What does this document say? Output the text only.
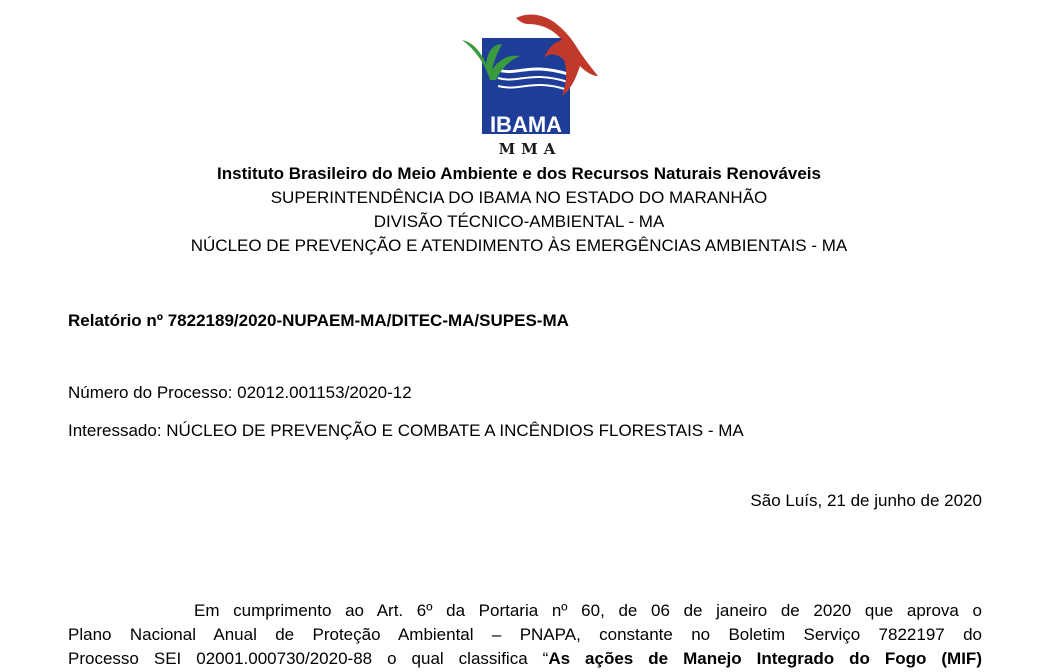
IBAMA
MMA
Instituto Brasileiro do Meio Ambiente e dos Recursos Naturais Renováveis
SUPERINTENDÊNCIA DO IBAMA NO ESTADO DO MARANHÃO
DIVISÃO TÉCNICO-AMBIENTAL - MA
NÚCLEO DE PREVENÇÃO E ATENDIMENTO ÀS EMERGÊNCIAS AMBIENTAIS - MA
Relatório nº 7822189/2020-NUPAEM-MA/DITEC-MA/SUPES-MA
Número do Processo: 02012.001153/2020-12
Interessado: NÚCLEO DE PREVENÇÃO E COMBATE A INCÊNDIOS FLORESTAIS - MA
São Luís, 21 de junho de 2020
Em cumprimento ao Art. 6º da Portaria nº 60, de 06 de janeiro de 2020 que aprova o
Plano Nacional Anual de Proteção Ambiental – PNAPA, constante no Boletim Serviço 7822197 do
Processo SEI 02001.000730/2020-88 o qual classifica “As ações de Manejo Integrado do Fogo (MIF)
